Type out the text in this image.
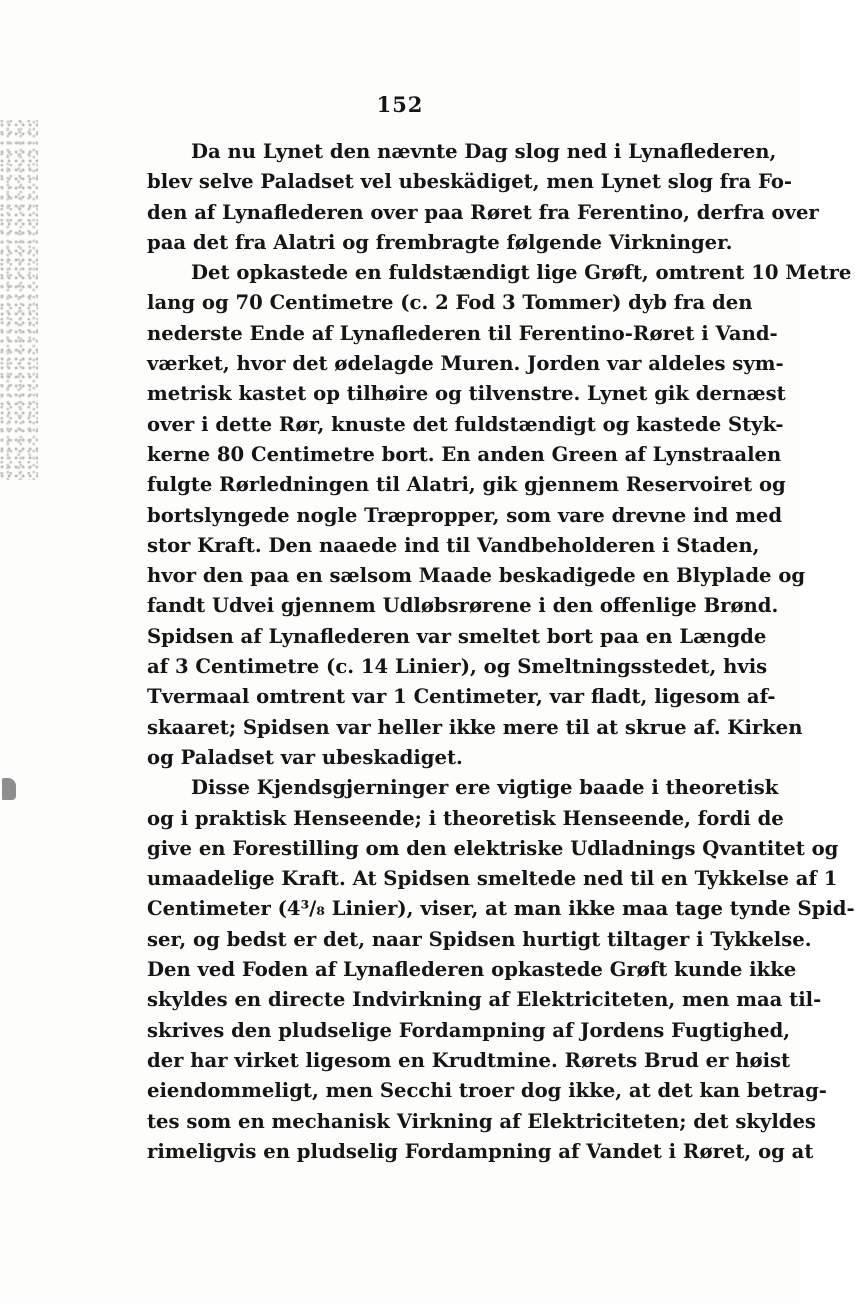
152
Da nu Lynet den nævnte Dag slog ned i Lynaflederen,
blev selve Paladset vel ubeskädiget, men Lynet slog fra Fo-
den af Lynaflederen over paa Røret fra Ferentino, derfra over
paa det fra Alatri og frembragte følgende Virkninger.
Det opkastede en fuldstændigt lige Grøft, omtrent 10 Metre
lang og 70 Centimetre (c. 2 Fod 3 Tommer) dyb fra den
nederste Ende af Lynaflederen til Ferentino-Røret i Vand-
værket, hvor det ødelagde Muren. Jorden var aldeles sym-
metrisk kastet op tilhøire og tilvenstre. Lynet gik dernæst
over i dette Rør, knuste det fuldstændigt og kastede Styk-
kerne 80 Centimetre bort. En anden Green af Lynstraalen
fulgte Rørledningen til Alatri, gik gjennem Reservoiret og
bortslyngede nogle Træpropper, som vare drevne ind med
stor Kraft. Den naaede ind til Vandbeholderen i Staden,
hvor den paa en sælsom Maade beskadigede en Blyplade og
fandt Udvei gjennem Udløbsrørene i den offenlige Brønd.
Spidsen af Lynaflederen var smeltet bort paa en Længde
af 3 Centimetre (c. 14 Linier), og Smeltningsstedet, hvis
Tvermaal omtrent var 1 Centimeter, var fladt, ligesom af-
skaaret; Spidsen var heller ikke mere til at skrue af. Kirken
og Paladset var ubeskadiget.
Disse Kjendsgjerninger ere vigtige baade i theoretisk
og i praktisk Henseende; i theoretisk Henseende, fordi de
give en Forestilling om den elektriske Udladnings Qvantitet og
umaadelige Kraft. At Spidsen smeltede ned til en Tykkelse af 1
Centimeter (4³/₈ Linier), viser, at man ikke maa tage tynde Spid-
ser, og bedst er det, naar Spidsen hurtigt tiltager i Tykkelse.
Den ved Foden af Lynaflederen opkastede Grøft kunde ikke
skyldes en directe Indvirkning af Elektriciteten, men maa til-
skrives den pludselige Fordampning af Jordens Fugtighed,
der har virket ligesom en Krudtmine. Rørets Brud er høist
eiendommeligt, men Secchi troer dog ikke, at det kan betrag-
tes som en mechanisk Virkning af Elektriciteten; det skyldes
rimeligvis en pludselig Fordampning af Vandet i Røret, og at
